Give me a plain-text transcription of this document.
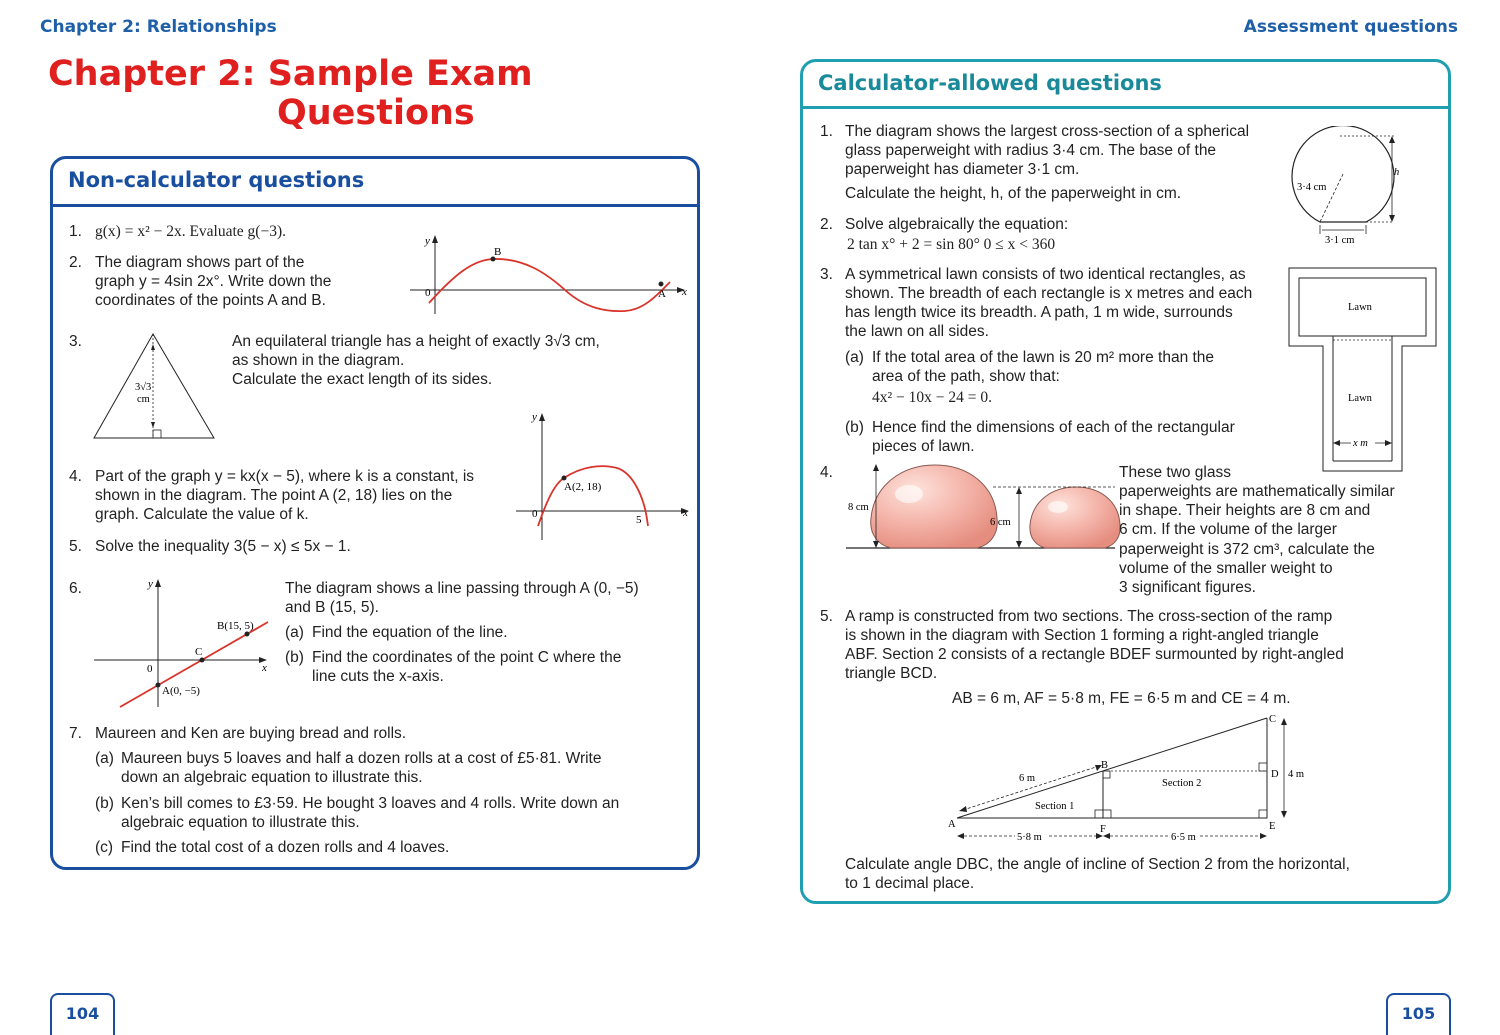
Chapter 2: Relationships	Assessment questions
Chapter 2: Sample Exam
Questions
Non-calculator questions
1. g(x) = x² − 2x. Evaluate g(−3).
2. The diagram shows part of the
graph y = 4sin 2x°. Write down the
coordinates of the points A and B.
y
x
0
B
A
3.
3√3
cm
An equilateral triangle has a height of exactly 3√3 cm,
as shown in the diagram.
Calculate the exact length of its sides.
4. Part of the graph y = kx(x − 5), where k is a constant, is
shown in the diagram. The point A (2, 18) lies on the
graph. Calculate the value of k.
y
x
0	5
A(2, 18)
5. Solve the inequality 3(5 − x) ≤ 5x − 1.
6.	y
x
0
C
B(15, 5)
A(0, −5)
The diagram shows a line passing through A (0, −5)
and B (15, 5).
(a) Find the equation of the line.
(b) Find the coordinates of the point C where the
line cuts the x-axis.
7. Maureen and Ken are buying bread and rolls.
(a) Maureen buys 5 loaves and half a dozen rolls at a cost of £5·81. Write
down an algebraic equation to illustrate this.
(b) Ken’s bill comes to £3·59. He bought 3 loaves and 4 rolls. Write down an
algebraic equation to illustrate this.
(c) Find the total cost of a dozen rolls and 4 loaves.
Calculator-allowed questions
1. The diagram shows the largest cross-section of a spherical
glass paperweight with radius 3·4 cm. The base of the
paperweight has diameter 3·1 cm.
Calculate the height, h, of the paperweight in cm.	3·4 cm
3·1 cm
h
2. Solve algebraically the equation:
2 tan x° + 2 = sin 80° 0 ≤ x < 360
3. A symmetrical lawn consists of two identical rectangles, as
shown. The breadth of each rectangle is x metres and each
has length twice its breadth. A path, 1 m wide, surrounds
the lawn on all sides.
(a) If the total area of the lawn is 20 m² more than the
area of the path, show that:
4x² − 10x − 24 = 0.
(b) Hence find the dimensions of each of the rectangular
pieces of lawn.
Lawn
Lawn
x m
4.
8 cm
6 cm
These two glass
paperweights are mathematically similar
in shape. Their heights are 8 cm and
6 cm. If the volume of the larger
paperweight is 372 cm³, calculate the
volume of the smaller weight to
3 significant figures.
5. A ramp is constructed from two sections. The cross-section of the ramp
is shown in the diagram with Section 1 forming a right-angled triangle
ABF. Section 2 consists of a rectangle BDEF surmounted by right-angled
triangle BCD.
AB = 6 m, AF = 5·8 m, FE = 6·5 m and CE = 4 m.
A
B
C
D
E
F
6 m
5·8 m	6·5 m
4 m
Section 1
Section 2
Calculate angle DBC, the angle of incline of Section 2 from the horizontal,
to 1 decimal place.
104	105
